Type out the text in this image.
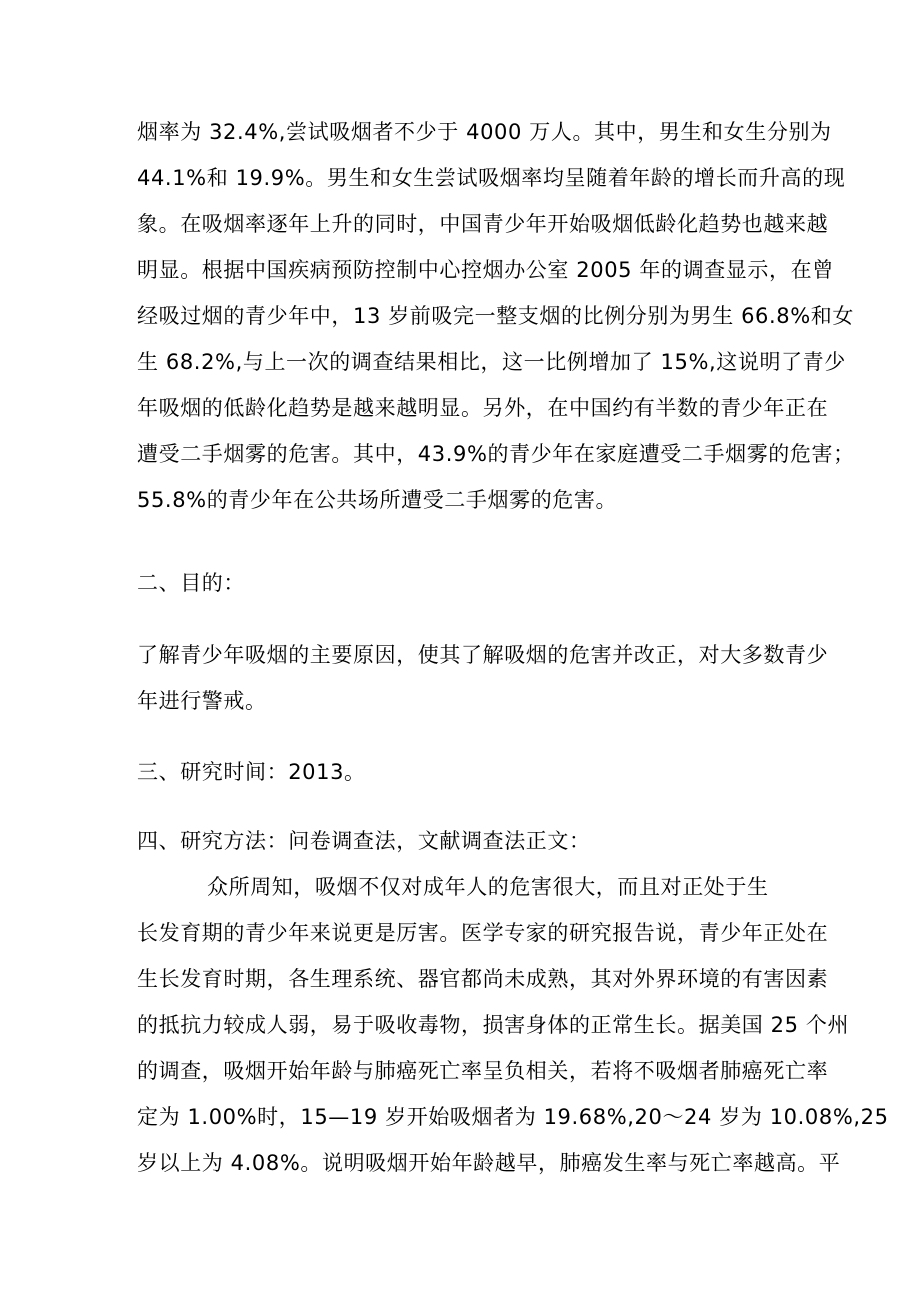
烟率为 32.4%,尝试吸烟者不少于 4000 万人。其中，男生和女生分别为
44.1%和 19.9%。男生和女生尝试吸烟率均呈随着年龄的增长而升高的现
象。在吸烟率逐年上升的同时，中国青少年开始吸烟低龄化趋势也越来越
明显。根据中国疾病预防控制中心控烟办公室 2005 年的调查显示，在曾
经吸过烟的青少年中，13 岁前吸完一整支烟的比例分别为男生 66.8%和女
生 68.2%,与上一次的调查结果相比，这一比例增加了 15%,这说明了青少
年吸烟的低龄化趋势是越来越明显。另外，在中国约有半数的青少年正在
遭受二手烟雾的危害。其中，43.9%的青少年在家庭遭受二手烟雾的危害；
55.8%的青少年在公共场所遭受二手烟雾的危害。
二、目的：
了解青少年吸烟的主要原因，使其了解吸烟的危害并改正，对大多数青少
年进行警戒。
三、研究时间：2013。
四、研究方法：问卷调查法，文献调查法正文：
众所周知，吸烟不仅对成年人的危害很大，而且对正处于生
长发育期的青少年来说更是厉害。医学专家的研究报告说，青少年正处在
生长发育时期，各生理系统、器官都尚未成熟，其对外界环境的有害因素
的抵抗力较成人弱，易于吸收毒物，损害身体的正常生长。据美国 25 个州
的调查，吸烟开始年龄与肺癌死亡率呈负相关，若将不吸烟者肺癌死亡率
定为 1.00%时，15—19 岁开始吸烟者为 19.68%,20～24 岁为 10.08%,25
岁以上为 4.08%。说明吸烟开始年龄越早，肺癌发生率与死亡率越高。平
